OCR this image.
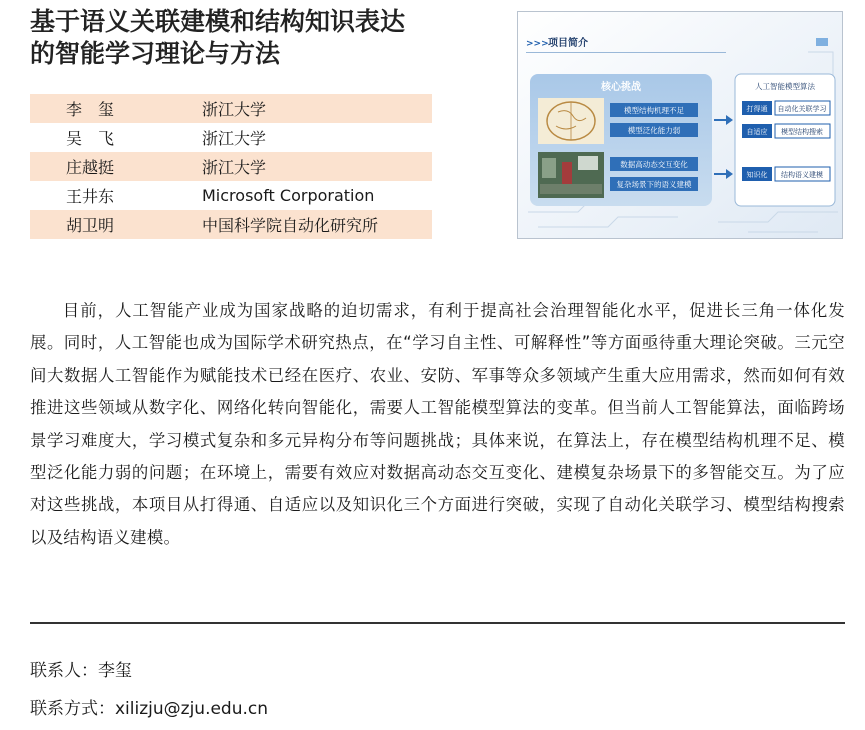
基于语义关联建模和结构知识表达
的智能学习理论与方法
李　玺	浙江大学
吴　飞	浙江大学
庄越挺	浙江大学
王井东	Microsoft Corporation
胡卫明	中国科学院自动化研究所
>>> 项目简介
核心挑战
模型结构机理不足
模型泛化能力弱
数据高动态交互变化
复杂场景下的语义建模
人工智能模型算法
打得通 自动化关联学习
自适应 模型结构搜索
知识化 结构语义建模

目前，人工智能产业成为国家战略的迫切需求，有利于提高社会治理智能化水平，促进长三角一体化发展。同时，人工智能也成为国际学术研究热点，在“学习自主性、可解释性”等方面亟待重大理论突破。三元空间大数据人工智能作为赋能技术已经在医疗、农业、安防、军事等众多领域产生重大应用需求，然而如何有效推进这些领域从数字化、网络化转向智能化，需要人工智能模型算法的变革。但当前人工智能算法，面临跨场景学习难度大，学习模式复杂和多元异构分布等问题挑战；具体来说，在算法上，存在模型结构机理不足、模型泛化能力弱的问题；在环境上，需要有效应对数据高动态交互变化、建模复杂场景下的多智能交互。为了应对这些挑战，本项目从打得通、自适应以及知识化三个方面进行突破，实现了自动化关联学习、模型结构搜索以及结构语义建模。

联系人：李玺
联系方式：xilizju@zju.edu.cn
